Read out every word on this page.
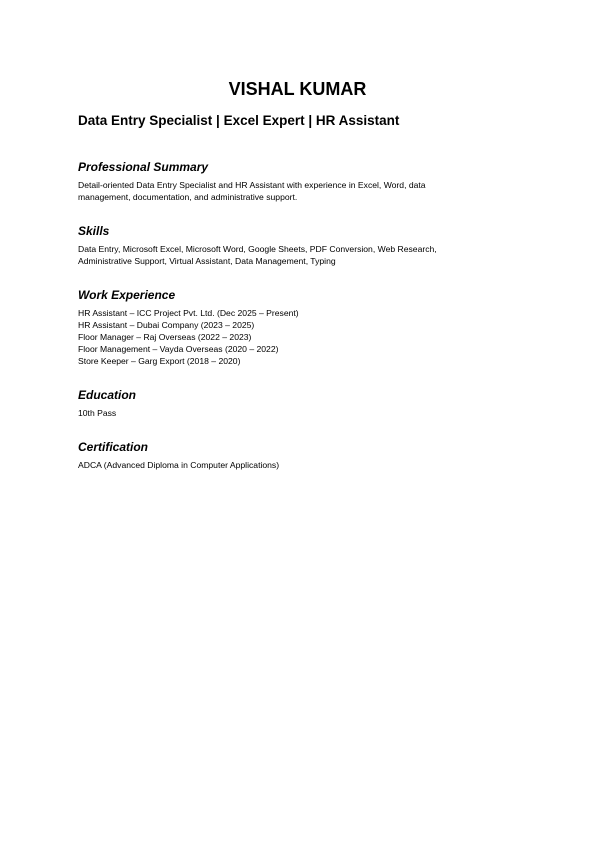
VISHAL KUMAR
Data Entry Specialist | Excel Expert | HR Assistant
Professional Summary
Detail-oriented Data Entry Specialist and HR Assistant with experience in Excel, Word, data
management, documentation, and administrative support.
Skills
Data Entry, Microsoft Excel, Microsoft Word, Google Sheets, PDF Conversion, Web Research,
Administrative Support, Virtual Assistant, Data Management, Typing
Work Experience
HR Assistant – ICC Project Pvt. Ltd. (Dec 2025 – Present)
HR Assistant – Dubai Company (2023 – 2025)
Floor Manager – Raj Overseas (2022 – 2023)
Floor Management – Vayda Overseas (2020 – 2022)
Store Keeper – Garg Export (2018 – 2020)
Education
10th Pass
Certification
ADCA (Advanced Diploma in Computer Applications)
